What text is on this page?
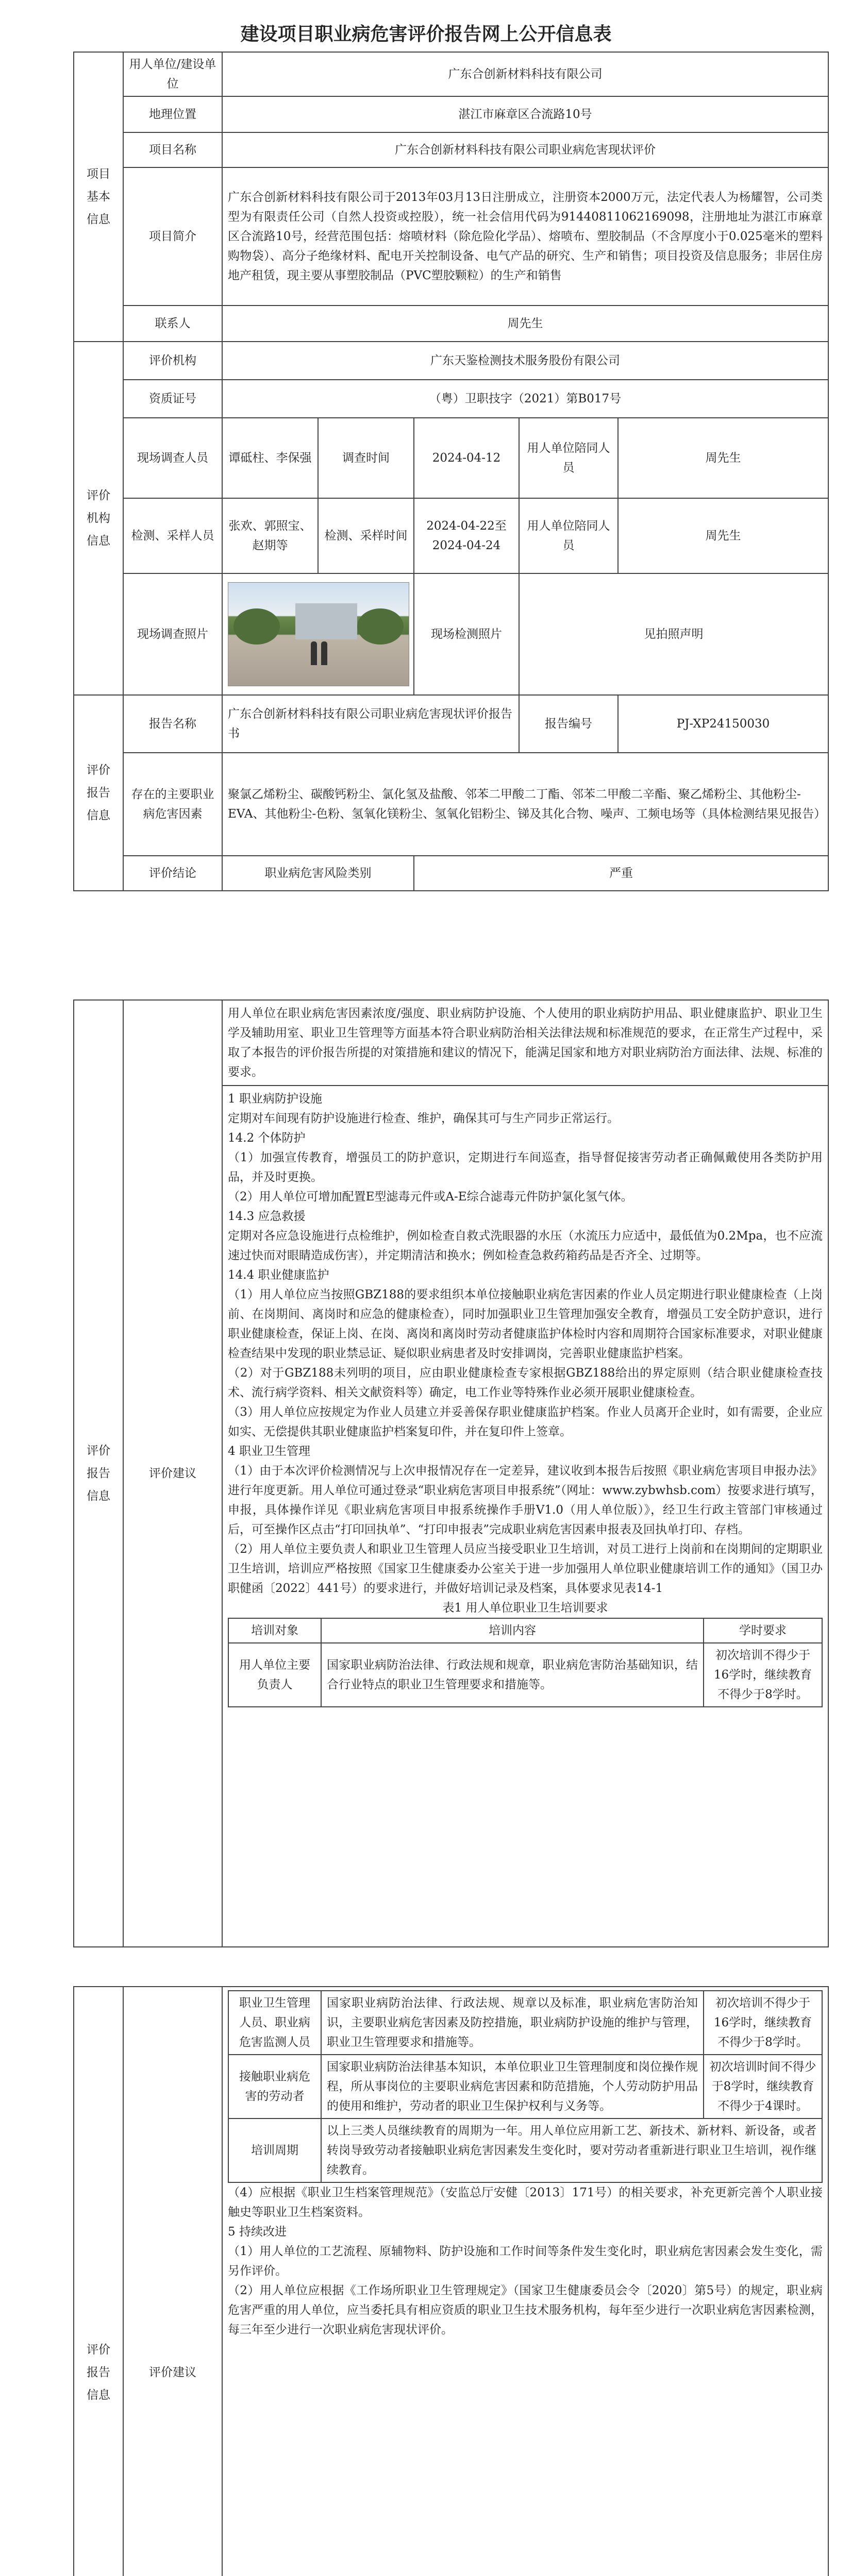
建设项目职业病危害评价报告网上公开信息表
项目基本信息	用人单位/建设单位	广东合创新材料科技有限公司				
	地理位置	湛江市麻章区合流路10号				
	项目名称	广东合创新材料科技有限公司职业病危害现状评价				
	项目简介	广东合创新材料科技有限公司于2013年03月13日注册成立，注册资本2000万元，法定代表人为杨耀智，公司类型为有限责任公司（自然人投资或控股），统一社会信用代码为91440811062169098，注册地址为湛江市麻章区合流路10号，经营范围包括：熔喷材料（除危险化学品）、熔喷布、塑胶制品（不含厚度小于0.025毫米的塑料购物袋）、高分子绝缘材料、配电开关控制设备、电气产品的研究、生产和销售；项目投资及信息服务；非居住房地产租赁，现主要从事塑胶制品（PVC塑胶颗粒）的生产和销售				
	联系人	周先生				
评价机构信息	评价机构	广东天鉴检测技术服务股份有限公司				
	资质证号	（粤）卫职技字（2021）第B017号				
	现场调查人员	谭砥柱、李保强	调查时间	2024-04-12	用人单位陪同人员	周先生
	检测、采样人员	张欢、郭照宝、赵期等	检测、采样时间	2024-04-22至2024-04-24	用人单位陪同人员	周先生
	现场调查照片			现场检测照片	见拍照声明	
评价报告信息	报告名称	广东合创新材料科技有限公司职业病危害现状评价报告书			报告编号	PJ-XP24150030
	存在的主要职业病危害因素	聚氯乙烯粉尘、碳酸钙粉尘、氯化氢及盐酸、邻苯二甲酸二丁酯、邻苯二甲酸二辛酯、聚乙烯粉尘、其他粉尘-EVA、其他粉尘-色粉、氢氧化镁粉尘、氢氧化铝粉尘、锑及其化合物、噪声、工频电场等（具体检测结果见报告）				
	评价结论	职业病危害风险类别		严重		
评价报告信息	评价建议	
用人单位在职业病危害因素浓度/强度、职业病防护设施、个人使用的职业病防护用品、职业健康监护、职业卫生学及辅助用室、职业卫生管理等方面基本符合职业病防治相关法律法规和标准规范的要求，在正常生产过程中，采取了本报告的评价报告所提的对策措施和建议的情况下，能满足国家和地方对职业病防治方面法律、法规、标准的要求。

1 职业病防护设施

定期对车间现有防护设施进行检查、维护，确保其可与生产同步正常运行。

14.2 个体防护

（1）加强宣传教育，增强员工的防护意识，定期进行车间巡查，指导督促接害劳动者正确佩戴使用各类防护用品，并及时更换。

（2）用人单位可增加配置E型滤毒元件或A-E综合滤毒元件防护氯化氢气体。

14.3 应急救援

定期对各应急设施进行点检维护，例如检查自救式洗眼器的水压（水流压力应适中，最低值为0.2Mpa，也不应流速过快而对眼睛造成伤害），并定期清洁和换水；例如检查急救药箱药品是否齐全、过期等。

14.4 职业健康监护

（1）用人单位应当按照GBZ188的要求组织本单位接触职业病危害因素的作业人员定期进行职业健康检查（上岗前、在岗期间、离岗时和应急的健康检查），同时加强职业卫生管理加强安全教育，增强员工安全防护意识，进行职业健康检查，保证上岗、在岗、离岗和离岗时劳动者健康监护体检时内容和周期符合国家标准要求，对职业健康检查结果中发现的职业禁忌证、疑似职业病患者及时安排调岗，完善职业健康监护档案。

（2）对于GBZ188未列明的项目，应由职业健康检查专家根据GBZ188给出的界定原则（结合职业健康检查技术、流行病学资料、相关文献资料等）确定，电工作业等特殊作业必须开展职业健康检查。

（3）用人单位应按规定为作业人员建立并妥善保存职业健康监护档案。作业人员离开企业时，如有需要，企业应如实、无偿提供其职业健康监护档案复印件，并在复印件上签章。

4 职业卫生管理

（1）由于本次评价检测情况与上次申报情况存在一定差异，建议收到本报告后按照《职业病危害项目申报办法》进行年度更新。用人单位可通过登录“职业病危害项目申报系统”（网址：www.zybwhsb.com）按要求进行填写，申报，具体操作详见《职业病危害项目申报系统操作手册V1.0（用人单位版）》，经卫生行政主管部门审核通过后，可至操作区点击“打印回执单”、“打印申报表”完成职业病危害因素申报表及回执单打印、存档。

（2）用人单位主要负责人和职业卫生管理人员应当接受职业卫生培训，对员工进行上岗前和在岗期间的定期职业卫生培训，培训应严格按照《国家卫生健康委办公室关于进一步加强用人单位职业健康培训工作的通知》（国卫办职健函〔2022〕441号）的要求进行，并做好培训记录及档案，具体要求见表14-1

表1 用人单位职业卫生培训要求

培训对象	培训内容	学时要求
用人单位主要负责人	国家职业病防治法律、行政法规和规章，职业病危害防治基础知识，结合行业特点的职业卫生管理要求和措施等。	初次培训不得少于16学时，继续教育不得少于8学时。
评价报告信息	评价建议	
职业卫生管理人员、职业病危害监测人员	国家职业病防治法律、行政法规、规章以及标准，职业病危害防治知识，主要职业病危害因素及防控措施，职业病防护设施的维护与管理，职业卫生管理要求和措施等。	初次培训不得少于16学时，继续教育不得少于8学时。
接触职业病危害的劳动者	国家职业病防治法律基本知识，本单位职业卫生管理制度和岗位操作规程，所从事岗位的主要职业病危害因素和防范措施，个人劳动防护用品的使用和维护，劳动者的职业卫生保护权利与义务等。	初次培训时间不得少于8学时，继续教育不得少于4课时。
培训周期	以上三类人员继续教育的周期为一年。用人单位应用新工艺、新技术、新材料、新设备，或者转岗导致劳动者接触职业病危害因素发生变化时，要对劳动者重新进行职业卫生培训，视作继续教育。

（4）应根据《职业卫生档案管理规范》（安监总厅安健〔2013〕171号）的相关要求，补充更新完善个人职业接触史等职业卫生档案资料。

5 持续改进

（1）用人单位的工艺流程、原辅物料、防护设施和工作时间等条件发生变化时，职业病危害因素会发生变化，需另作评价。

（2）用人单位应根据《工作场所职业卫生管理规定》（国家卫生健康委员会令〔2020〕第5号）的规定，职业病危害严重的用人单位，应当委托具有相应资质的职业卫生技术服务机构，每年至少进行一次职业病危害因素检测，每三年至少进行一次职业病危害现状评价。
